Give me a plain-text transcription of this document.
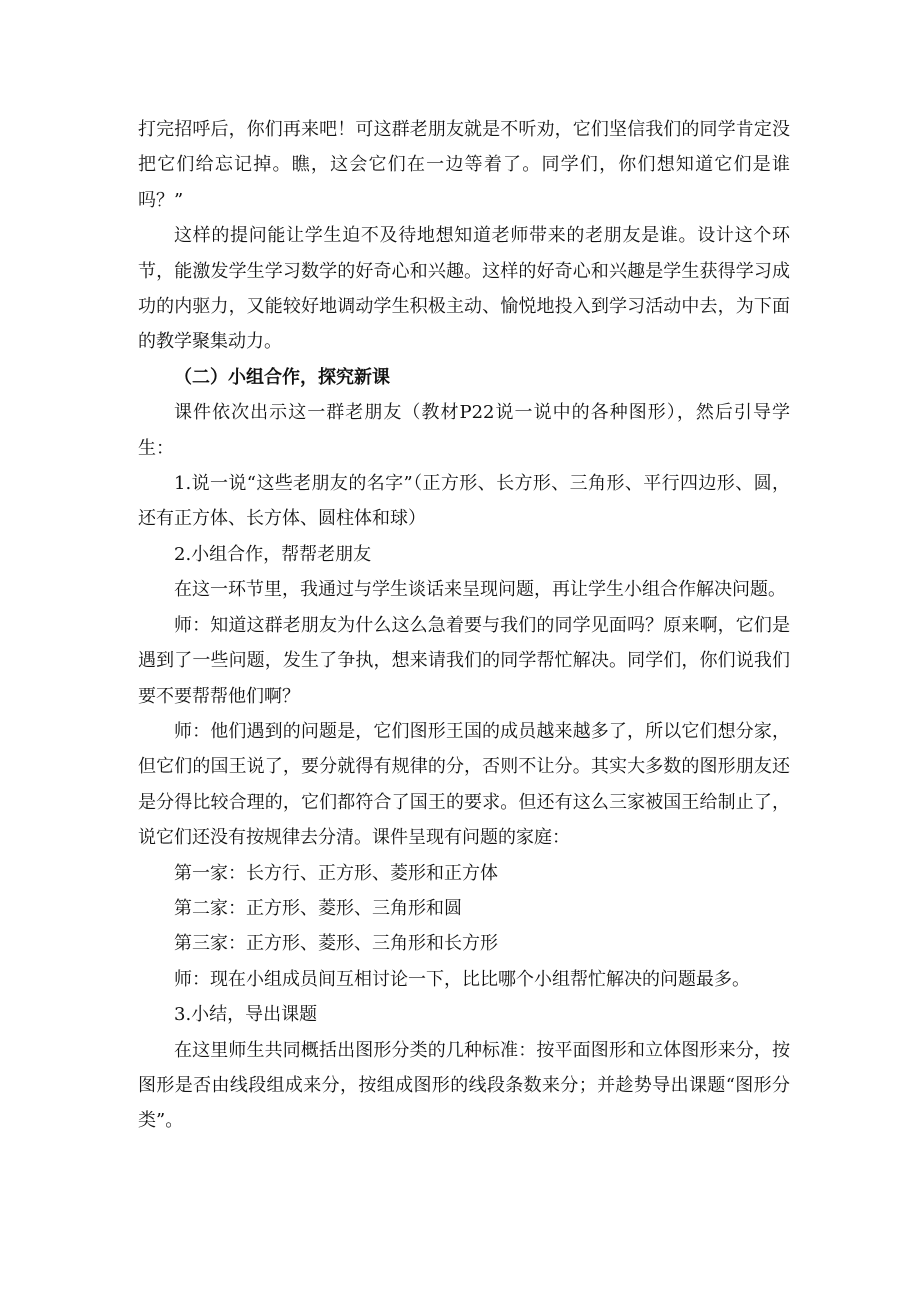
打完招呼后，你们再来吧！可这群老朋友就是不听劝，它们坚信我们的同学肯定没把它们给忘记掉。瞧，这会它们在一边等着了。同学们，你们想知道它们是谁吗？”

这样的提问能让学生迫不及待地想知道老师带来的老朋友是谁。设计这个环节，能激发学生学习数学的好奇心和兴趣。这样的好奇心和兴趣是学生获得学习成功的内驱力，又能较好地调动学生积极主动、愉悦地投入到学习活动中去，为下面的教学聚集动力。

（二）小组合作，探究新课

课件依次出示这一群老朋友（教材P22说一说中的各种图形），然后引导学生：

1.说一说“这些老朋友的名字”（正方形、长方形、三角形、平行四边形、圆，还有正方体、长方体、圆柱体和球）

2.小组合作，帮帮老朋友

在这一环节里，我通过与学生谈话来呈现问题，再让学生小组合作解决问题。

师：知道这群老朋友为什么这么急着要与我们的同学见面吗？原来啊，它们是遇到了一些问题，发生了争执，想来请我们的同学帮忙解决。同学们，你们说我们要不要帮帮他们啊？

师：他们遇到的问题是，它们图形王国的成员越来越多了，所以它们想分家，但它们的国王说了，要分就得有规律的分，否则不让分。其实大多数的图形朋友还是分得比较合理的，它们都符合了国王的要求。但还有这么三家被国王给制止了，说它们还没有按规律去分清。课件呈现有问题的家庭：

第一家：长方行、正方形、菱形和正方体

第二家：正方形、菱形、三角形和圆

第三家：正方形、菱形、三角形和长方形

师：现在小组成员间互相讨论一下，比比哪个小组帮忙解决的问题最多。

3.小结，导出课题

在这里师生共同概括出图形分类的几种标准：按平面图形和立体图形来分，按图形是否由线段组成来分，按组成图形的线段条数来分；并趁势导出课题“图形分类”。
